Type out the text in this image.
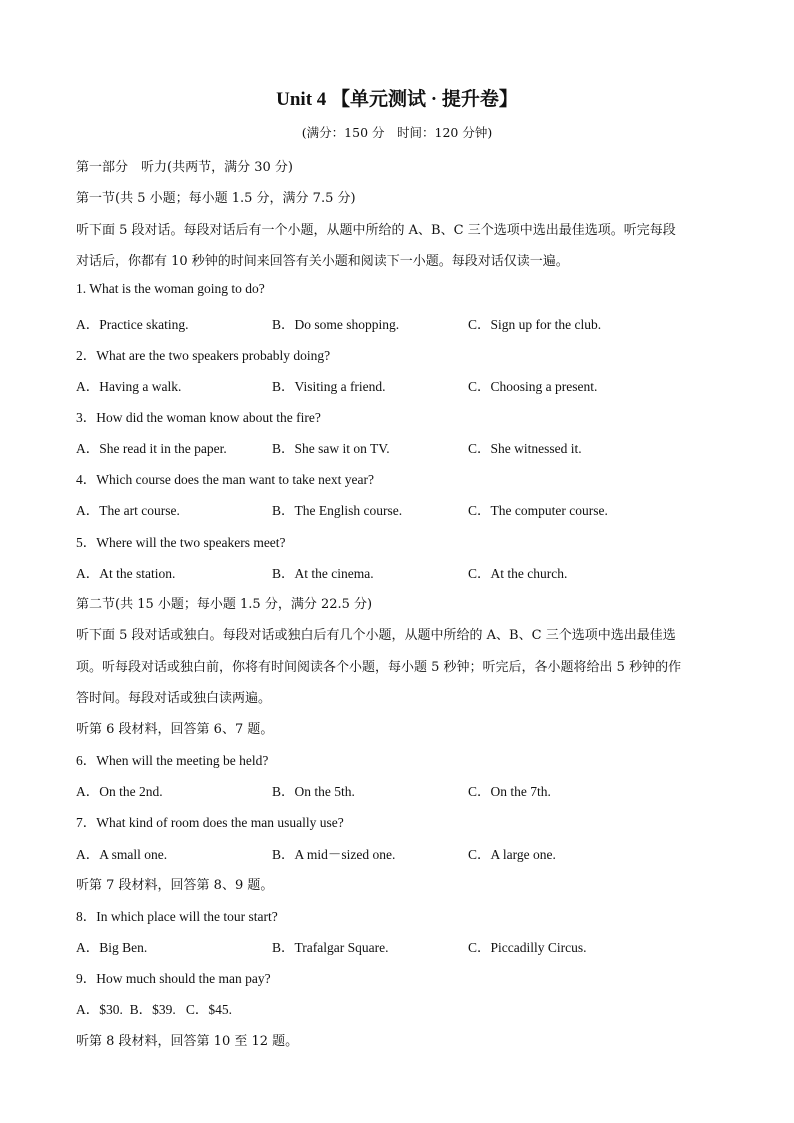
Unit 4 【单元测试 · 提升卷】
(满分：150 分　时间：120 分钟)
第一部分　听力(共两节，满分 30 分)
第一节(共 5 小题；每小题 1.5 分，满分 7.5 分)
听下面 5 段对话。每段对话后有一个小题，从题中所给的 A、B、C 三个选项中选出最佳选项。听完每段
对话后，你都有 10 秒钟的时间来回答有关小题和阅读下一小题。每段对话仅读一遍。
1. What is the woman going to do?
A．Practice skating.	B．Do some shopping.	C．Sign up for the club.
2．What are the two speakers probably doing?
A．Having a walk.	B．Visiting a friend.	C．Choosing a present.
3．How did the woman know about the fire?
A．She read it in the paper.	B．She saw it on TV.	C．She witnessed it.
4．Which course does the man want to take next year?
A．The art course.	B．The English course.	C．The computer course.
5．Where will the two speakers meet?
A．At the station.	B．At the cinema.	C．At the church.
第二节(共 15 小题；每小题 1.5 分，满分 22.5 分)
听下面 5 段对话或独白。每段对话或独白后有几个小题，从题中所给的 A、B、C 三个选项中选出最佳选
项。听每段对话或独白前，你将有时间阅读各个小题，每小题 5 秒钟；听完后，各小题将给出 5 秒钟的作
答时间。每段对话或独白读两遍。
听第 6 段材料，回答第 6、7 题。
6．When will the meeting be held?
A．On the 2nd.	B．On the 5th.	C．On the 7th.
7．What kind of room does the man usually use?
A．A small one.	B．A mid－sized one.	C．A large one.
听第 7 段材料，回答第 8、9 题。
8．In which place will the tour start?
A．Big Ben.	B．Trafalgar Square.	C．Piccadilly Circus.
9．How much should the man pay?
A．$30.  B．$39.   C．$45.
听第 8 段材料，回答第 10 至 12 题。
